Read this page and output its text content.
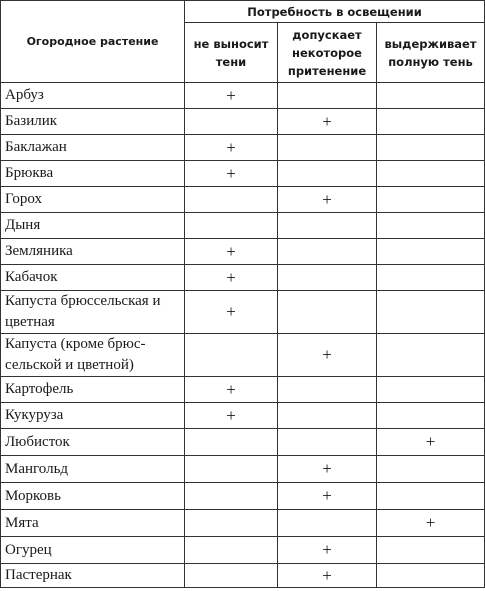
Огородное растение	Потребность в освещении		
	не выносит тени	допускает некоторое притенение	выдерживает полную тень
Арбуз	+		
Базилик		+	
Баклажан	+		
Брюква	+		
Горох		+	
Дыня			
Земляника	+		
Кабачок	+		
Капуста брюссельская и цветная	+		
Капуста (кроме брюс-сельской и цветной)		+	
Картофель	+		
Кукуруза	+		
Любисток			+
Мангольд		+	
Морковь		+	
Мята			+
Огурец		+	
Пастернак		+	
